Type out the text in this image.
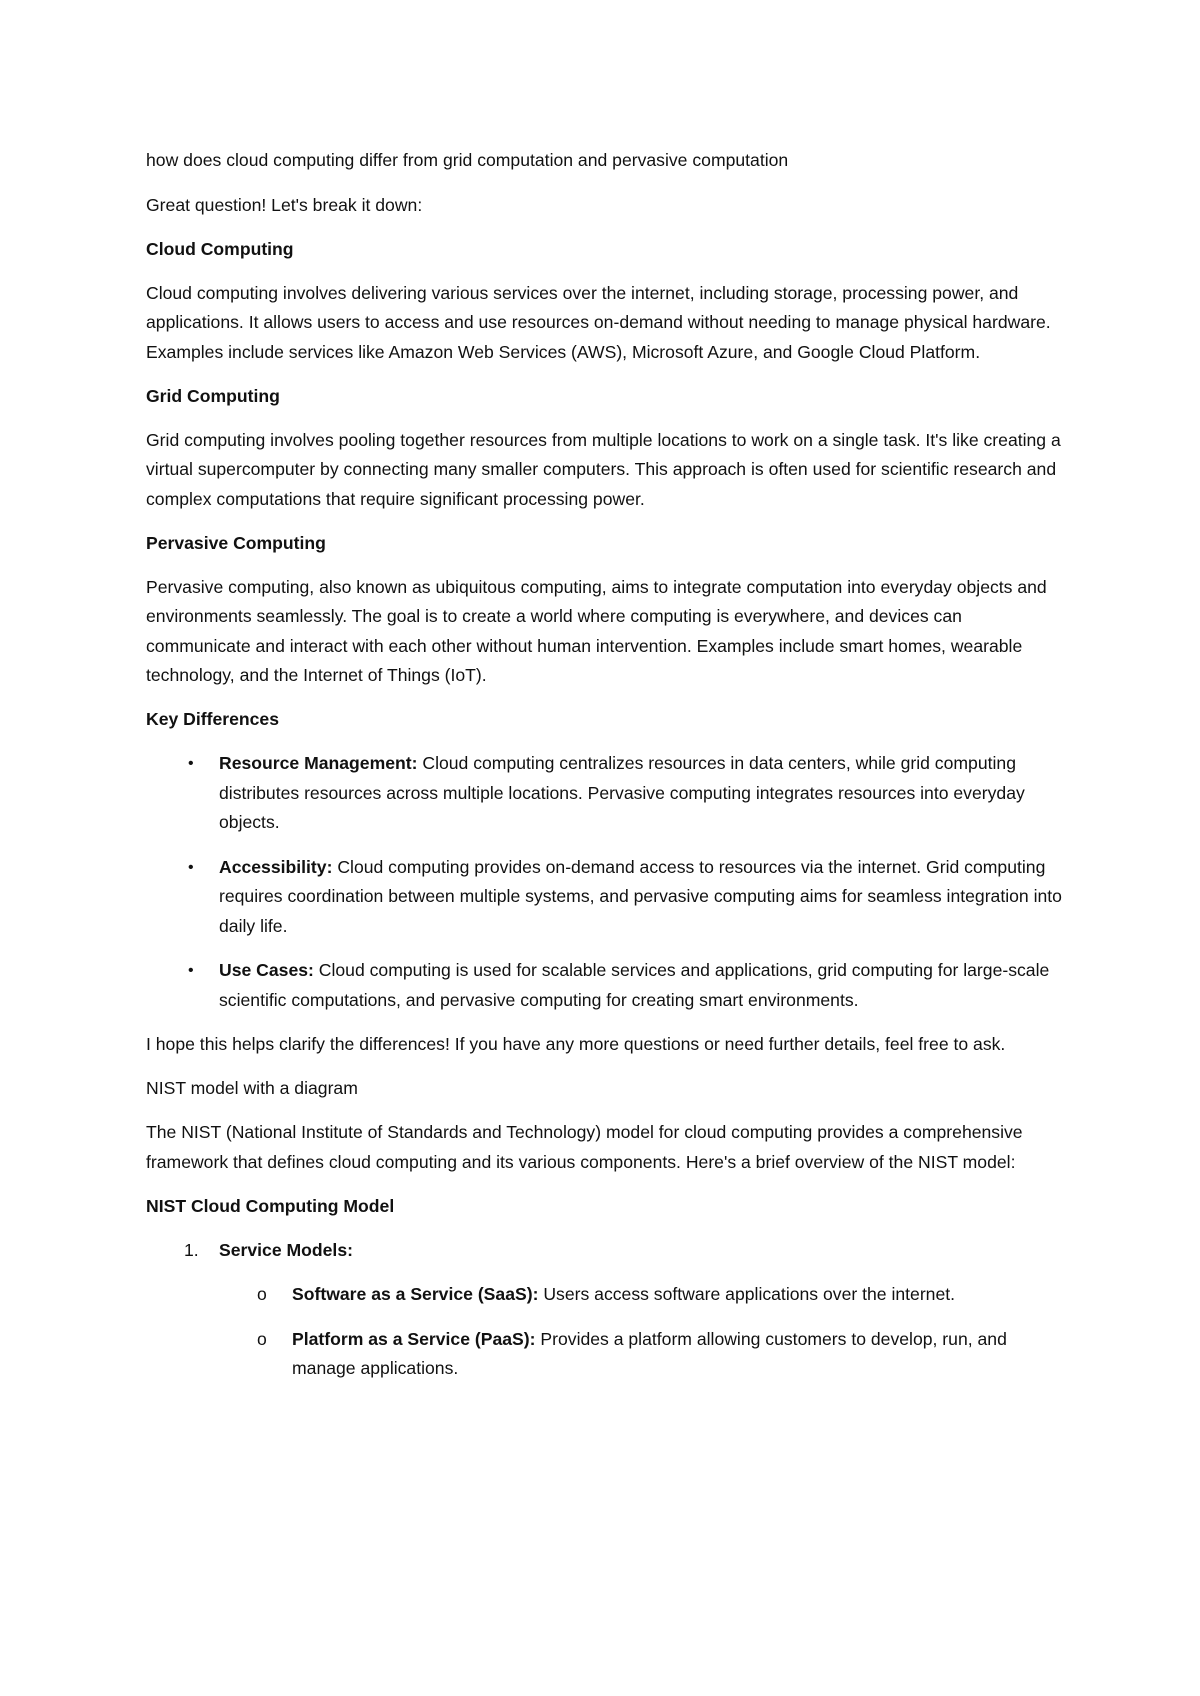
how does cloud computing differ from grid computation and pervasive computation

Great question! Let's break it down:

Cloud Computing

Cloud computing involves delivering various services over the internet, including storage, processing power, and applications. It allows users to access and use resources on-demand without needing to manage physical hardware. Examples include services like Amazon Web Services (AWS), Microsoft Azure, and Google Cloud Platform.

Grid Computing

Grid computing involves pooling together resources from multiple locations to work on a single task. It's like creating a virtual supercomputer by connecting many smaller computers. This approach is often used for scientific research and complex computations that require significant processing power.

Pervasive Computing

Pervasive computing, also known as ubiquitous computing, aims to integrate computation into everyday objects and environments seamlessly. The goal is to create a world where computing is everywhere, and devices can communicate and interact with each other without human intervention. Examples include smart homes, wearable technology, and the Internet of Things (IoT).

Key Differences

• Resource Management: Cloud computing centralizes resources in data centers, while grid computing distributes resources across multiple locations. Pervasive computing integrates resources into everyday objects.
• Accessibility: Cloud computing provides on-demand access to resources via the internet. Grid computing requires coordination between multiple systems, and pervasive computing aims for seamless integration into daily life.
• Use Cases: Cloud computing is used for scalable services and applications, grid computing for large-scale scientific computations, and pervasive computing for creating smart environments.

I hope this helps clarify the differences! If you have any more questions or need further details, feel free to ask.

NIST model with a diagram

The NIST (National Institute of Standards and Technology) model for cloud computing provides a comprehensive framework that defines cloud computing and its various components. Here's a brief overview of the NIST model:

NIST Cloud Computing Model

1. Service Models:
o Software as a Service (SaaS): Users access software applications over the internet.
o Platform as a Service (PaaS): Provides a platform allowing customers to develop, run, and manage applications.
